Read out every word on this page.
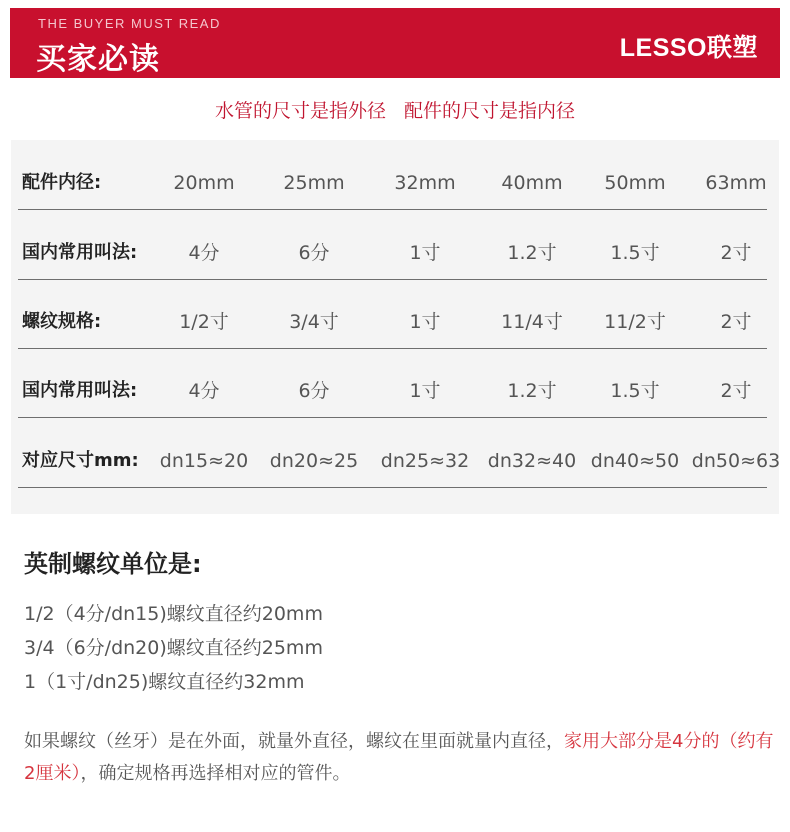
THE BUYER MUST READ
买家必读	LESSO联塑
水管的尺寸是指外径 配件的尺寸是指内径
配件内径:	20mm	25mm	32mm	40mm	50mm	63mm
国内常用叫法:	4分	6分	1寸	1.2寸	1.5寸	2寸
螺纹规格:	1/2寸	3/4寸	1寸	11/4寸	11/2寸	2寸
国内常用叫法:	4分	6分	1寸	1.2寸	1.5寸	2寸
对应尺寸mm:	dn15≈20	dn20≈25	dn25≈32 dn32≈40 dn40≈50 dn50≈63
英制螺纹单位是:
1/2（4分/dn15)螺纹直径约20mm
3/4（6分/dn20)螺纹直径约25mm
1（1寸/dn25)螺纹直径约32mm
如果螺纹（丝牙）是在外面，就量外直径，螺纹在里面就量内直径，家用大部分是4分的（约有2厘米），确定规格再选择相对应的管件。
